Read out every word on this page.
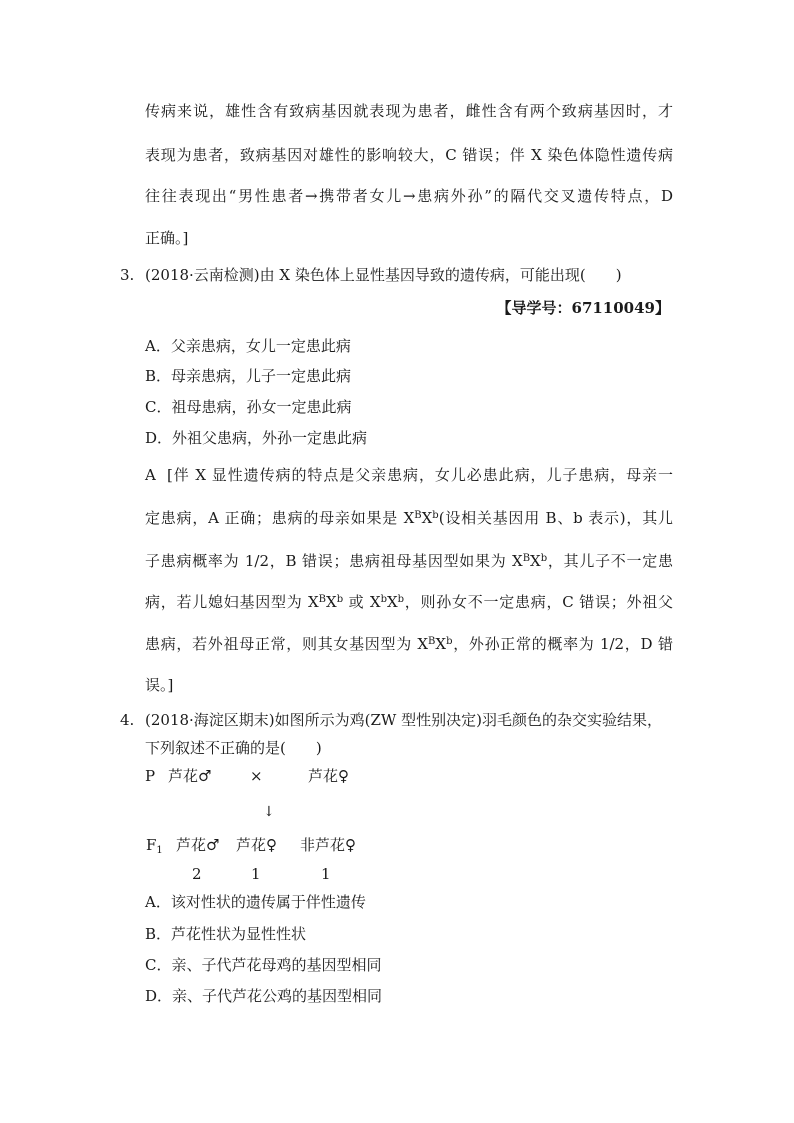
传病来说，雄性含有致病基因就表现为患者，雌性含有两个致病基因时，才
表现为患者，致病基因对雄性的影响较大，C 错误；伴 X 染色体隐性遗传病
往往表现出“男性患者→携带者女儿→患病外孙”的隔代交叉遗传特点，D
正确。]
3. (2018·云南检测)由 X 染色体上显性基因导致的遗传病，可能出现(　　)
【导学号：67110049】
A．父亲患病，女儿一定患此病
B．母亲患病，儿子一定患此病
C．祖母患病，孙女一定患此病
D．外祖父患病，外孙一定患此病
A [伴 X 显性遗传病的特点是父亲患病，女儿必患此病，儿子患病，母亲一
定患病，A 正确；患病的母亲如果是 $X^BX^b$(设相关基因用 B、b 表示)，其儿
子患病概率为 1/2，B 错误；患病祖母基因型如果为 $X^BX^b$，其儿子不一定患
病，若儿媳妇基因型为 $X^BX^b$ 或 $X^bX^b$，则孙女不一定患病，C 错误；外祖父
患病，若外祖母正常，则其女基因型为 $X^BX^b$，外孙正常的概率为 1/2，D 错
误。]
4. (2018·海淀区期末)如图所示为鸡(ZW 型性别决定)羽毛颜色的杂交实验结果，
下列叙述不正确的是(　　)
P 芦花♂	芦花♀
×
↓
$F_1$ 芦花♂ 芦花♀ 非芦花♀
2	1	1
A．该对性状的遗传属于伴性遗传
B．芦花性状为显性性状
C．亲、子代芦花母鸡的基因型相同
D．亲、子代芦花公鸡的基因型相同
